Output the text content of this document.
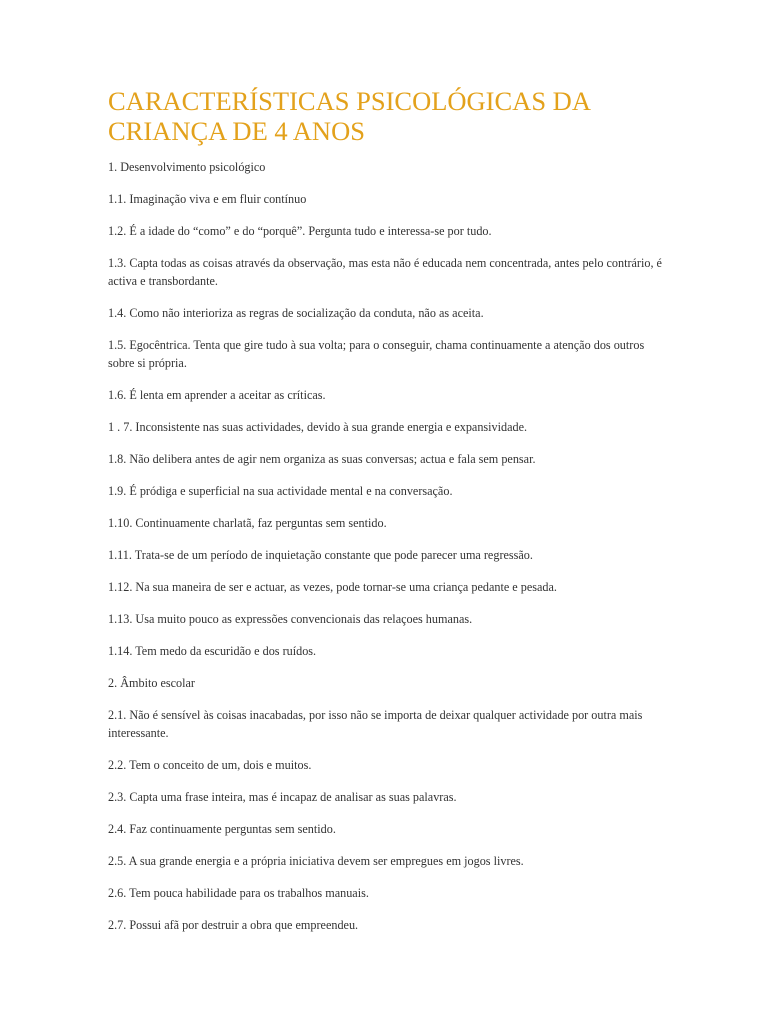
CARACTERÍSTICAS PSICOLÓGICAS DA
CRIANÇA DE 4 ANOS

1. Desenvolvimento psicológico

1.1. Imaginação viva e em fluir contínuo

1.2. É a idade do “como” e do “porquê”. Pergunta tudo e interessa-se por tudo.

1.3. Capta todas as coisas através da observação, mas esta não é educada nem concentrada, antes pelo contrário, é activa e transbordante.

1.4. Como não interioriza as regras de socialização da conduta, não as aceita.

1.5. Egocêntrica. Tenta que gire tudo à sua volta; para o conseguir, chama continuamente a atenção dos outros sobre si própria.

1.6. É lenta em aprender a aceitar as críticas.

1 . 7. Inconsistente nas suas actividades, devido à sua grande energia e expansividade.

1.8. Não delibera antes de agir nem organiza as suas conversas; actua e fala sem pensar.

1.9. É pródiga e superficial na sua actividade mental e na conversação.

1.10. Continuamente charlatã, faz perguntas sem sentido.

1.11. Trata-se de um período de inquietação constante que pode parecer uma regressão.

1.12. Na sua maneira de ser e actuar, as vezes, pode tornar-se uma criança pedante e pesada.

1.13. Usa muito pouco as expressões convencionais das relaçoes humanas.

1.14. Tem medo da escuridão e dos ruídos.

2. Âmbito escolar

2.1. Não é sensível às coisas inacabadas, por isso não se importa de deixar qualquer actividade por outra mais interessante.

2.2. Tem o conceito de um, dois e muitos.

2.3. Capta uma frase inteira, mas é incapaz de analisar as suas palavras.

2.4. Faz continuamente perguntas sem sentido.

2.5. A sua grande energia e a própria iniciativa devem ser empregues em jogos livres.

2.6. Tem pouca habilidade para os trabalhos manuais.

2.7. Possui afã por destruir a obra que empreendeu.
